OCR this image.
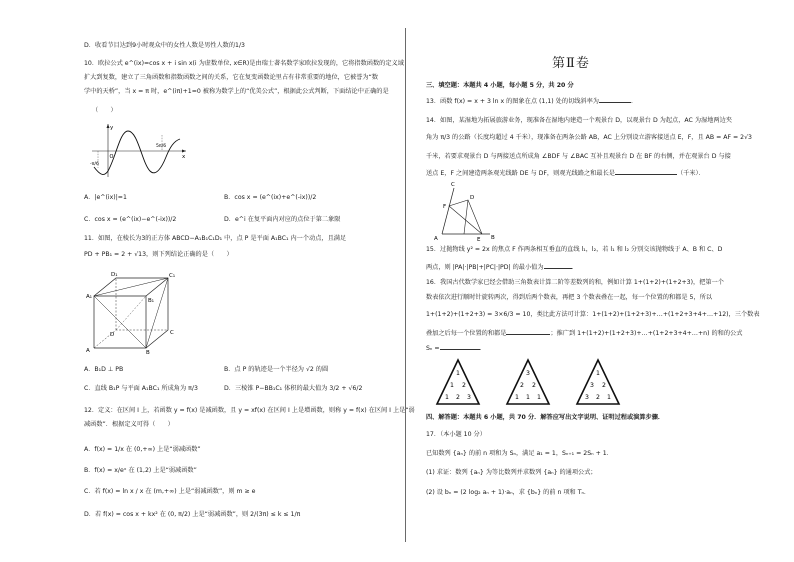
D．收看节目达到9小时观众中的女性人数是男性人数的1/3
10．欧拉公式 e^(ix)=cos x + i sin x(i 为虚数单位, x∈R)是由瑞士著名数学家欧拉发现的，它将指数函数的定义域
扩大到复数，建立了三角函数和指数函数之间的关系，它在复变函数论里占有非常重要的地位，它被誉为“数
学中的天桥”，当 x = π 时，e^(iπ)+1=0 被称为数学上的“优美公式”，根据此公式判断，下面结论中正确的是
（　　）
y
x
O
-π/6
5π/6
A．|e^(ix)|=1	B．cos x = (e^(ix)+e^(-ix))/2
C．cos x = (e^(ix)−e^(-ix))/2	D．e^i 在复平面内对应的点位于第二象限
11．如图，在棱长为3的正方体 ABCD−A₁B₁C₁D₁ 中，点 P 是平面 A₁BC₁ 内一个动点，且满足
PD + PB₁ = 2 + √13，则下列结论正确的是（　　）
D
A	B
C
A₁
B₁
C₁
D₁
A．B₁D ⊥ PB	B．点 P 的轨迹是一个半径为 √2 的圆
C．直线 B₁P 与平面 A₁BC₁ 所成角为 π/3	D．三棱锥 P−BB₁C₁ 体积的最大值为 3/2 + √6/2
12．定义：在区间 I 上，若函数 y = f(x) 是减函数，且 y = xf(x) 在区间 I 上是增函数，则称 y = f(x) 在区间 I 上是“弱
减函数”．根据定义可得（　　）
A．f(x) = 1/x 在 (0,+∞) 上是“弱减函数”
B．f(x) = x/eˣ 在 (1,2) 上是“弱减函数”
C．若 f(x) = ln x / x 在 (m,+∞) 上是“弱减函数”，则 m ≥ e
D．若 f(x) = cos x + kx² 在 (0, π/2) 上是“弱减函数”，则 2/(3π) ≤ k ≤ 1/π
第Ⅱ卷
三、填空题：本题共 4 小题，每小题 5 分，共 20 分
13．函数 f(x) = x + 3 ln x 的图象在点 (1,1) 处的切线斜率为	．
14．如图，某湿地为拓展旅游业务，现准备在湿地内建造一个观景台 D，以观景台 D 为起点，AC 为湿地两边夹
角为 π/3 的公路（长度均超过 4 千米），现准备在两条公路 AB，AC 上分别设立游客接送点 E，F，且 AB = AF = 2√3
千米，若要求观景台 D 与两接送点所成角 ∠BDF 与 ∠BAC 互补且观景台 D 在 BF 的右侧，并在观景台 D 与接
送点 E，F 之间建造两条观光线路 DE 与 DF，则观光线路之和最长是	（千米）．
A	B
C
D
E
F
15．过抛物线 y² = 2x 的焦点 F 作两条相互垂直的直线 l₁，l₂，若 l₁ 和 l₂ 分别交该抛物线于 A、B 和 C、D
两点，则 |PA|·|PB|+|PC|·|PD| 的最小值为	．
16．我国古代数学家已经会借助三角数表计算二阶等差数列的和，例如计算 1+(1+2)+(1+2+3)，把第一个
数表依次进行顺时针旋转两次，得到后两个数表，再把 3 个数表叠在一起，每一个位置的和都是 5，所以
1+(1+2)+(1+2+3) = 3×6/3 = 10，类比此方法可计算：1+(1+2)+(1+2+3)+…+(1+2+3+4+…+12)，三个数表
叠加之后每一个位置的和都是	；推广到 1+(1+2)+(1+2+3)+…+(1+2+3+4+…+n) 的和的公式
Sₙ =	．
1
1 2
1 2 3
3
2 2
1 1 1
1
3 2
3 2 1
四、解答题：本题共 6 小题，共 70 分．解答应写出文字说明、证明过程或演算步骤．
17．（本小题 10 分）
已知数列 {aₙ} 的前 n 项和为 Sₙ，满足 a₁ = 1，Sₙ₊₁ = 2Sₙ + 1．
(1) 求证：数列 {aₙ} 为等比数列并求数列 {aₙ} 的通项公式；
(2) 设 bₙ = (2 log₂ aₙ + 1)·aₙ，求 {bₙ} 的前 n 项和 Tₙ．
